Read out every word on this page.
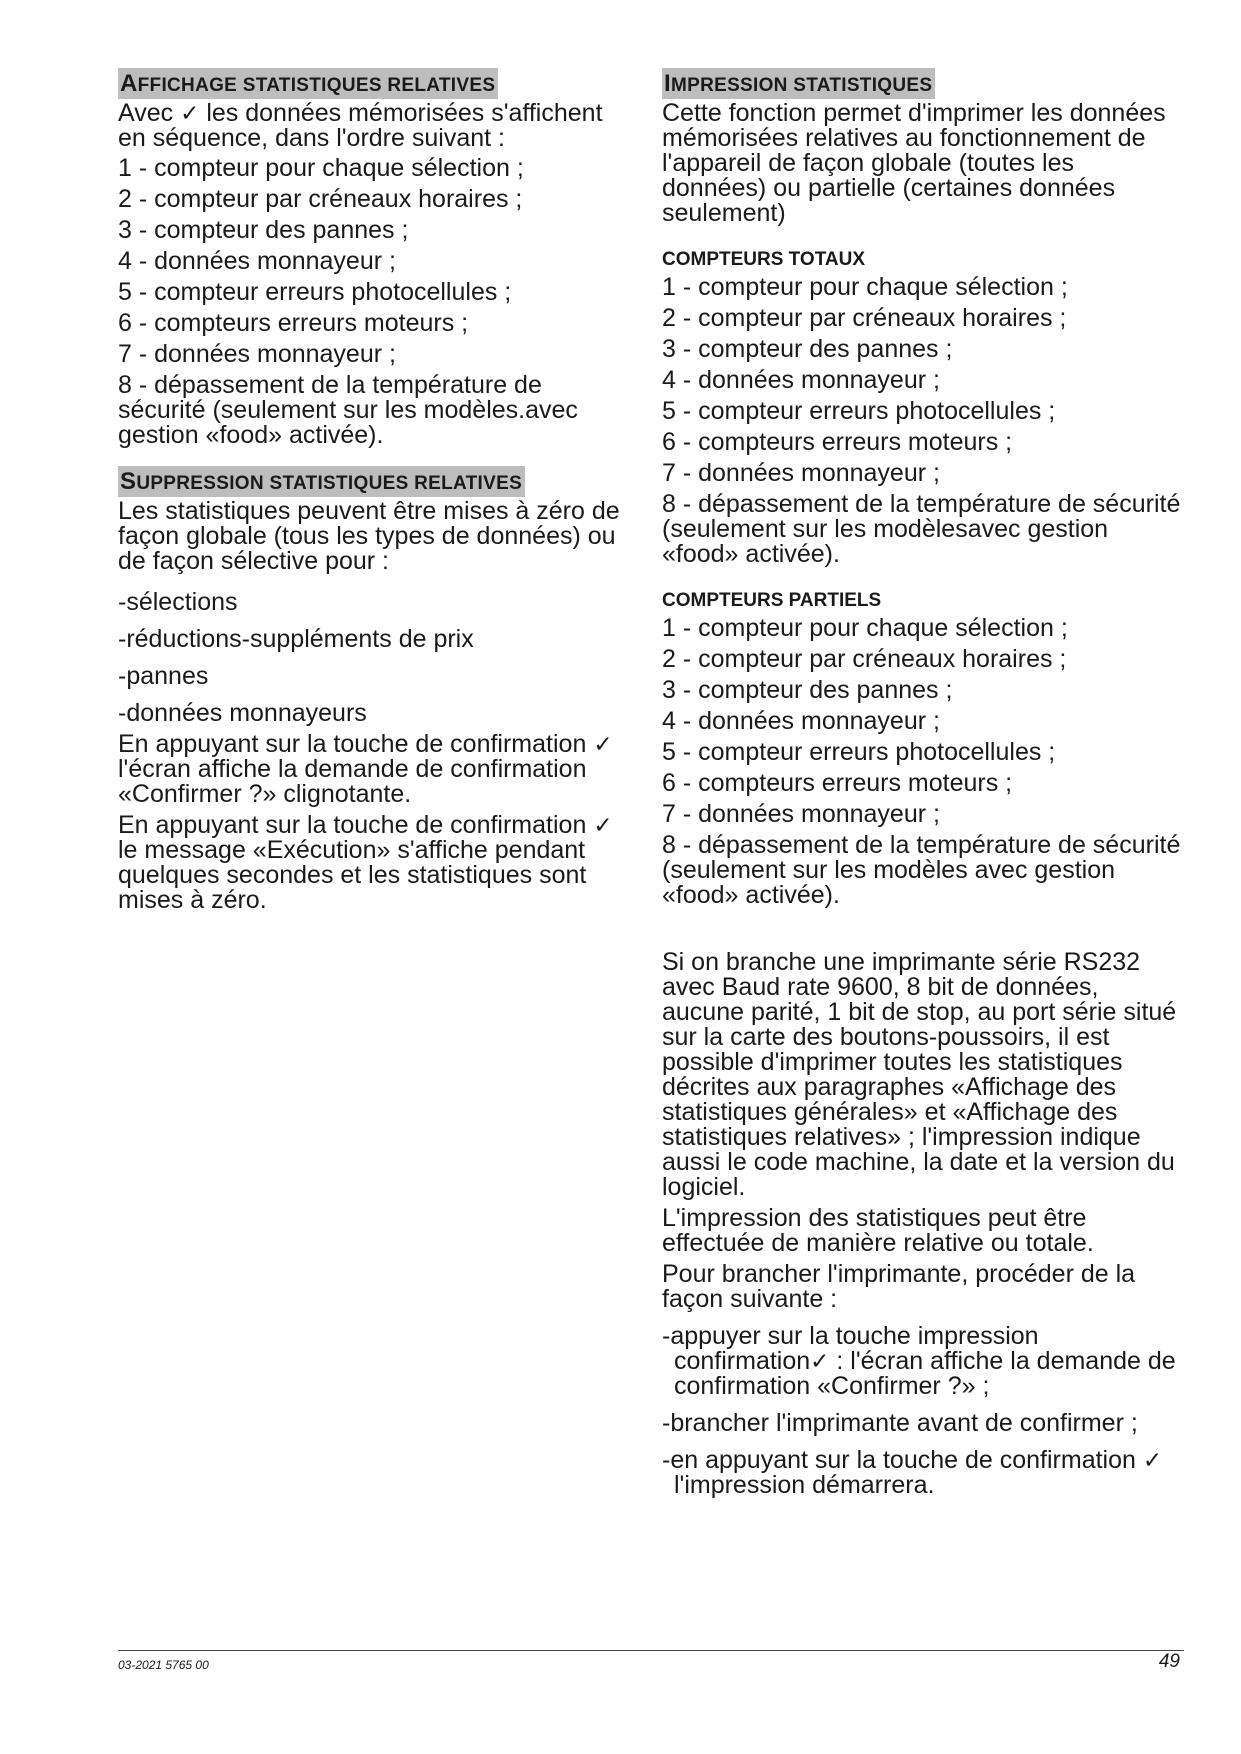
AFFICHAGE STATISTIQUES RELATIVES

Avec ✓ les données mémorisées s'affichent en séquence, dans l'ordre suivant :

1 - compteur pour chaque sélection ;

2 - compteur par créneaux horaires ;

3 - compteur des pannes ;

4 - données monnayeur ;

5 - compteur erreurs photocellules ;

6 - compteurs erreurs moteurs ;

7 - données monnayeur ;

8 - dépassement de la température de sécurité (seulement sur les modèles.avec gestion «food» activée).

SUPPRESSION STATISTIQUES RELATIVES

Les statistiques peuvent être mises à zéro de façon globale (tous les types de données) ou de façon sélective pour :

-sélections

-réductions-suppléments de prix

-pannes

-données monnayeurs

En appuyant sur la touche de confirmation ✓ l'écran affiche la demande de confirmation «Confirmer ?» clignotante.

En appuyant sur la touche de confirmation ✓ le message «Exécution» s'affiche pendant quelques secondes et les statistiques sont mises à zéro.

IMPRESSION STATISTIQUES

Cette fonction permet d'imprimer les données mémorisées relatives au fonctionnement de l'appareil de façon globale (toutes les données) ou partielle (certaines données seulement)

COMPTEURS TOTAUX

1 - compteur pour chaque sélection ;

2 - compteur par créneaux horaires ;

3 - compteur des pannes ;

4 - données monnayeur ;

5 - compteur erreurs photocellules ;

6 - compteurs erreurs moteurs ;

7 - données monnayeur ;

8 - dépassement de la température de sécurité (seulement sur les modèlesavec gestion «food» activée).

COMPTEURS PARTIELS

1 - compteur pour chaque sélection ;

2 - compteur par créneaux horaires ;

3 - compteur des pannes ;

4 - données monnayeur ;

5 - compteur erreurs photocellules ;

6 - compteurs erreurs moteurs ;

7 - données monnayeur ;

8 - dépassement de la température de sécurité (seulement sur les modèles avec gestion «food» activée).

Si on branche une imprimante série RS232 avec Baud rate 9600, 8 bit de données, aucune parité, 1 bit de stop, au port série situé sur la carte des boutons-poussoirs, il est possible d'imprimer toutes les statistiques décrites aux paragraphes «Affichage des statistiques générales» et «Affichage des statistiques relatives» ; l'impression indique aussi le code machine, la date et la version du logiciel.

L'impression des statistiques peut être effectuée de manière relative ou totale.

Pour brancher l'imprimante, procéder de la façon suivante :

-appuyer sur la touche impression confirmation✓ : l'écran affiche la demande de confirmation «Confirmer ?» ;

-brancher l'imprimante avant de confirmer ;

-en appuyant sur la touche de confirmation ✓ l'impression démarrera.

03-2021 5765 00	49
